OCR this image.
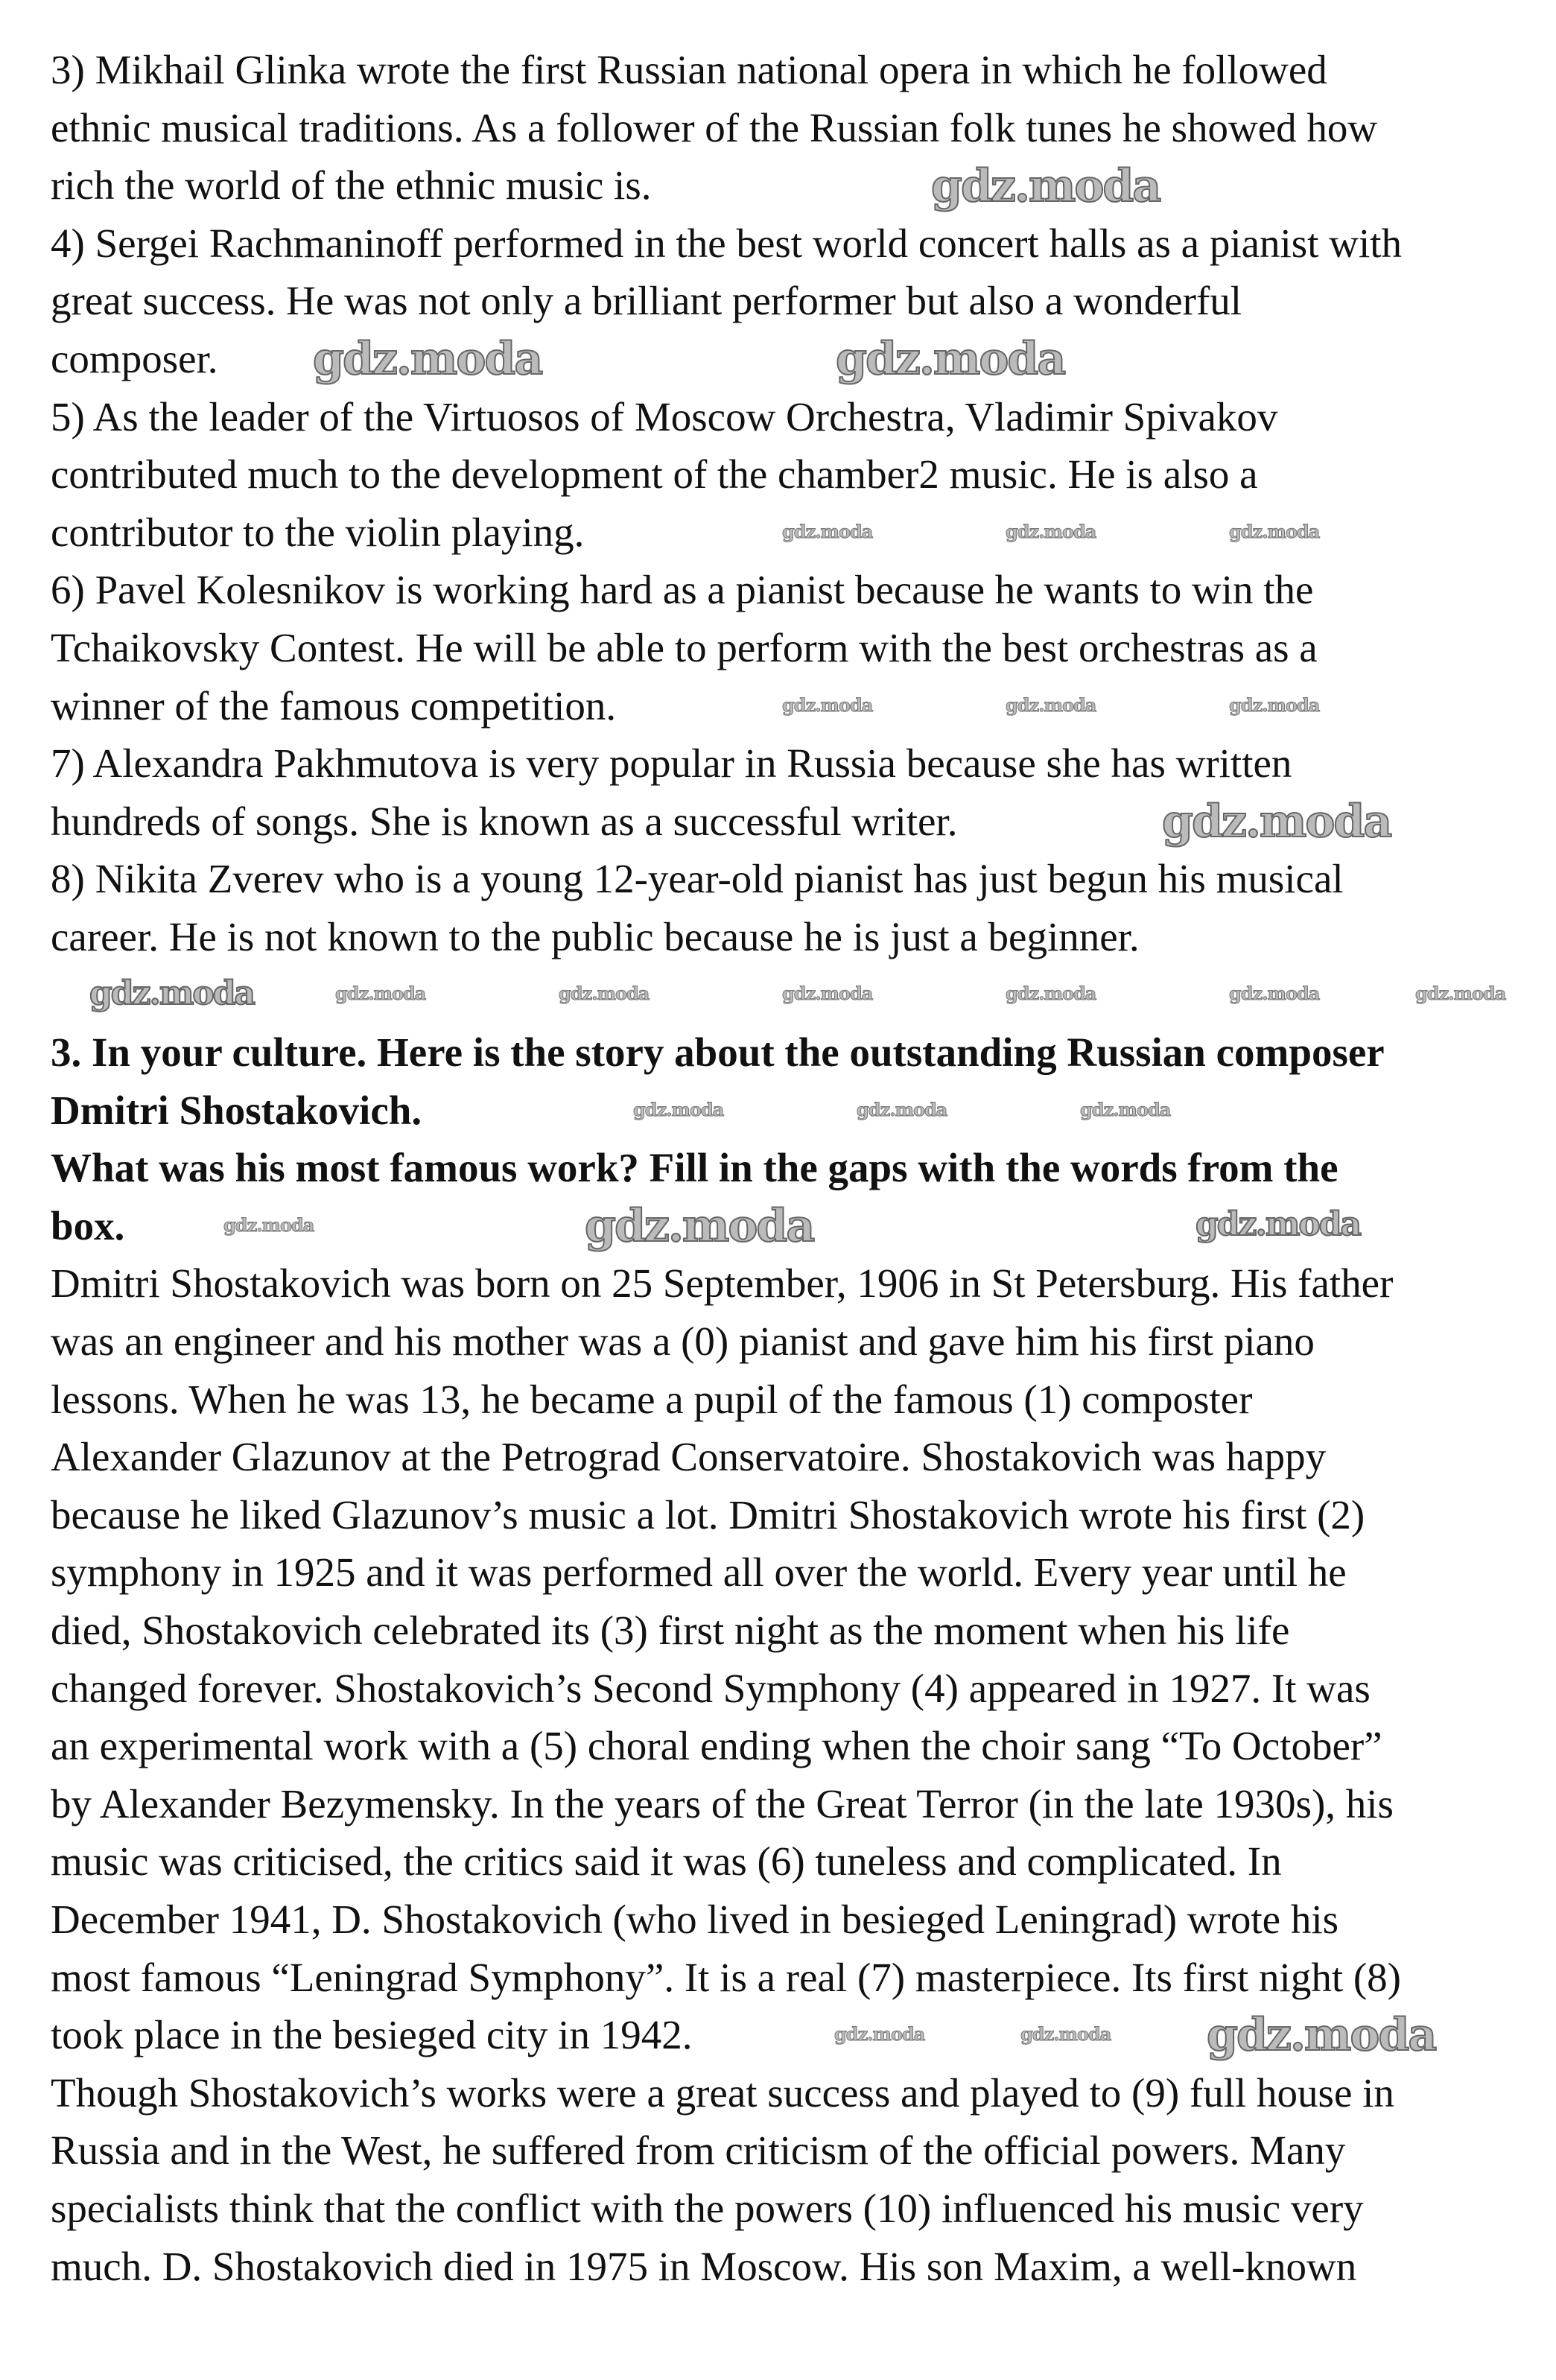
3) Mikhail Glinka wrote the first Russian national opera in which he followed
ethnic musical traditions. As a follower of the Russian folk tunes he showed how
rich the world of the ethnic music is.
4) Sergei Rachmaninoff performed in the best world concert halls as a pianist with
great success. He was not only a brilliant performer but also a wonderful
composer.
5) As the leader of the Virtuosos of Moscow Orchestra, Vladimir Spivakov
contributed much to the development of the chamber2 music. He is also a
contributor to the violin playing.
6) Pavel Kolesnikov is working hard as a pianist because he wants to win the
Tchaikovsky Contest. He will be able to perform with the best orchestras as a
winner of the famous competition.
7) Alexandra Pakhmutova is very popular in Russia because she has written
hundreds of songs. She is known as a successful writer.
8) Nikita Zverev who is a young 12-year-old pianist has just begun his musical
career. He is not known to the public because he is just a beginner.
3. In your culture. Here is the story about the outstanding Russian composer
Dmitri Shostakovich.
What was his most famous work? Fill in the gaps with the words from the
box.
Dmitri Shostakovich was born on 25 September, 1906 in St Petersburg. His father
was an engineer and his mother was a (0) pianist and gave him his first piano
lessons. When he was 13, he became a pupil of the famous (1) composter
Alexander Glazunov at the Petrograd Conservatoire. Shostakovich was happy
because he liked Glazunov’s music a lot. Dmitri Shostakovich wrote his first (2)
symphony in 1925 and it was performed all over the world. Every year until he
died, Shostakovich celebrated its (3) first night as the moment when his life
changed forever. Shostakovich’s Second Symphony (4) appeared in 1927. It was
an experimental work with a (5) choral ending when the choir sang “To October”
by Alexander Bezymensky. In the years of the Great Terror (in the late 1930s), his
music was criticised, the critics said it was (6) tuneless and complicated. In
December 1941, D. Shostakovich (who lived in besieged Leningrad) wrote his
most famous “Leningrad Symphony”. It is a real (7) masterpiece. Its first night (8)
took place in the besieged city in 1942.
Though Shostakovich’s works were a great success and played to (9) full house in
Russia and in the West, he suffered from criticism of the official powers. Many
specialists think that the conflict with the powers (10) influenced his music very
much. D. Shostakovich died in 1975 in Moscow. His son Maxim, a well-known
gdz.moda
gdz.moda	gdz.moda
gdz.moda	gdz.moda	gdz.moda
gdz.moda	gdz.moda	gdz.moda
gdz.moda
gdz.moda	gdz.moda	gdz.moda	gdz.moda	gdz.moda	gdz.moda	gdz.moda
gdz.moda	gdz.moda	gdz.moda
gdz.moda	gdz.moda	gdz.moda
gdz.moda	gdz.moda gdz.moda
